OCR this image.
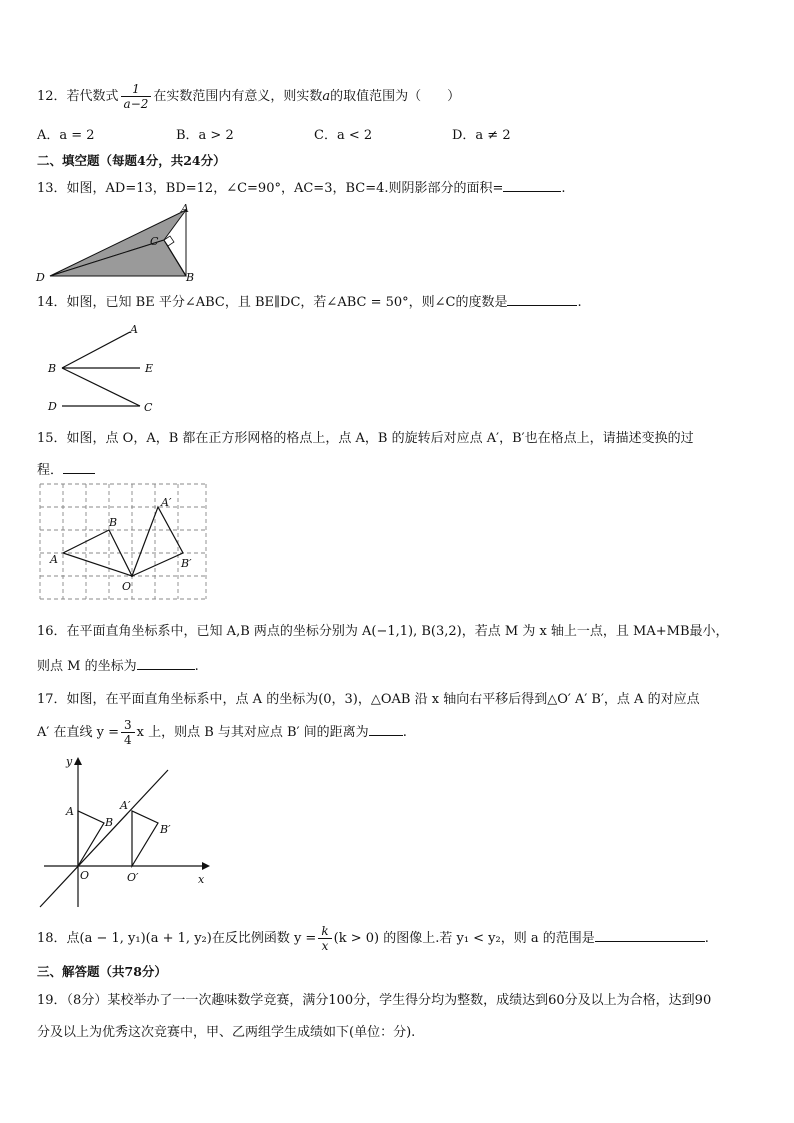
12．若代数式 $\frac{1}{a-2}$ 在实数范围内有意义，则实数a的取值范围为（　　）
A．a = 2	B．a > 2	C．a < 2	D．a ≠ 2
二、填空题（每题4分，共24分）
13．如图，AD=13，BD=12，∠C=90°，AC=3，BC=4.则阴影部分的面积=	.
A
C
B
D
14．如图，已知 BE 平分∠ABC，且 BE∥DC，若∠ABC = 50°，则∠C的度数是	.
A
B	E
D	C
15．如图，点 O，A，B 都在正方形网格的格点上，点 A，B 的旋转后对应点 A′，B′也在格点上，请描述变换的过
程．
A
B
O
A′
B′
16．在平面直角坐标系中，已知 A,B 两点的坐标分别为 A(−1,1), B(3,2)，若点 M 为 x 轴上一点，且 MA+MB最小，
则点 M 的坐标为	.
17．如图，在平面直角坐标系中，点 A 的坐标为(0，3)，△OAB 沿 x 轴向右平移后得到△O′ A′ B′，点 A 的对应点
A′ 在直线 $y = \frac{3}{4}$ x 上，则点 B 与其对应点 B′ 间的距离为	.
y
x
A
B
O
A′
B′
O′
18．点(a − 1, y₁)(a + 1, y₂)在反比例函数 $y = \frac{k}{x} (k > 0)$ 的图像上.若 y₁ < y₂，则 a 的范围是	.
三、解答题（共78分）
19．（8分）某校举办了一一次趣味数学竞赛，满分100分，学生得分均为整数，成绩达到60分及以上为合格，达到90
分及以上为优秀这次竞赛中，甲、乙两组学生成绩如下(单位：分).
